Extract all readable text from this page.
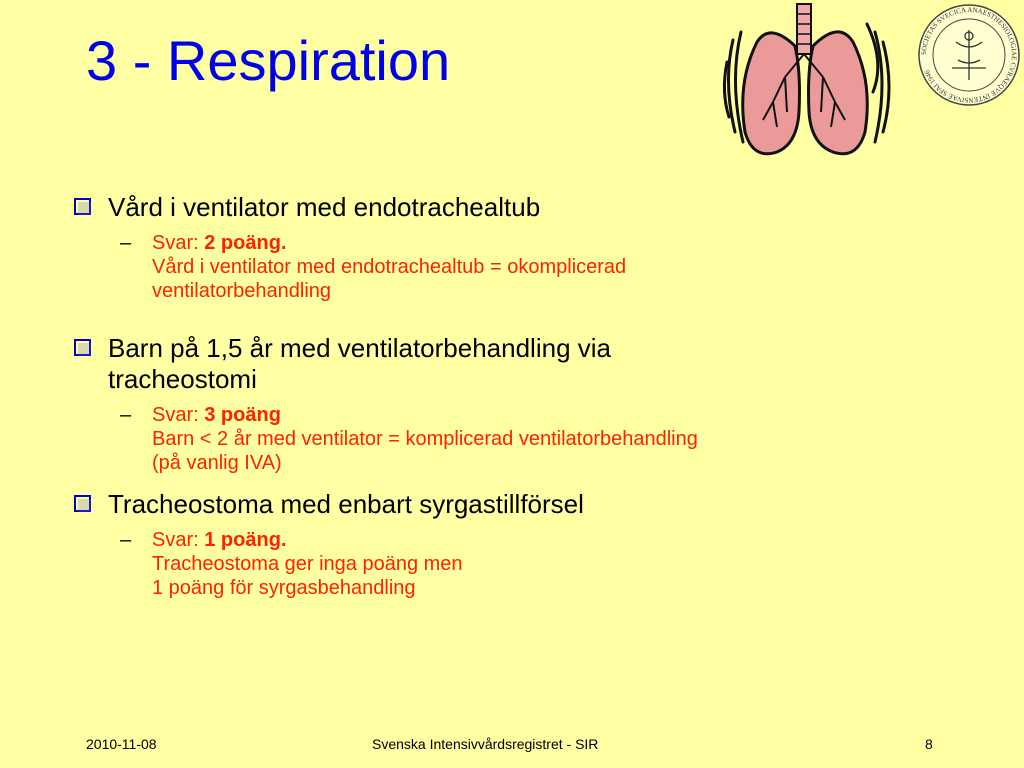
3 - Respiration	SOCIETAS SVECICA ANAESTHESIOLOGIAE CVRAEQVE INTENSIVAE SFAI 1946
Vård i ventilator med endotrachealtub
– Svar: 2 poäng.
Vård i ventilator med endotrachealtub = okomplicerad
ventilatorbehandling
Barn på 1,5 år med ventilatorbehandling via
tracheostomi
– Svar: 3 poäng
Barn < 2 år med ventilator = komplicerad ventilatorbehandling
(på vanlig IVA)
Tracheostoma med enbart syrgastillförsel
– Svar: 1 poäng.
Tracheostoma ger inga poäng men
1 poäng för syrgasbehandling
2010-11-08	Svenska Intensivvårdsregistret - SIR	8
